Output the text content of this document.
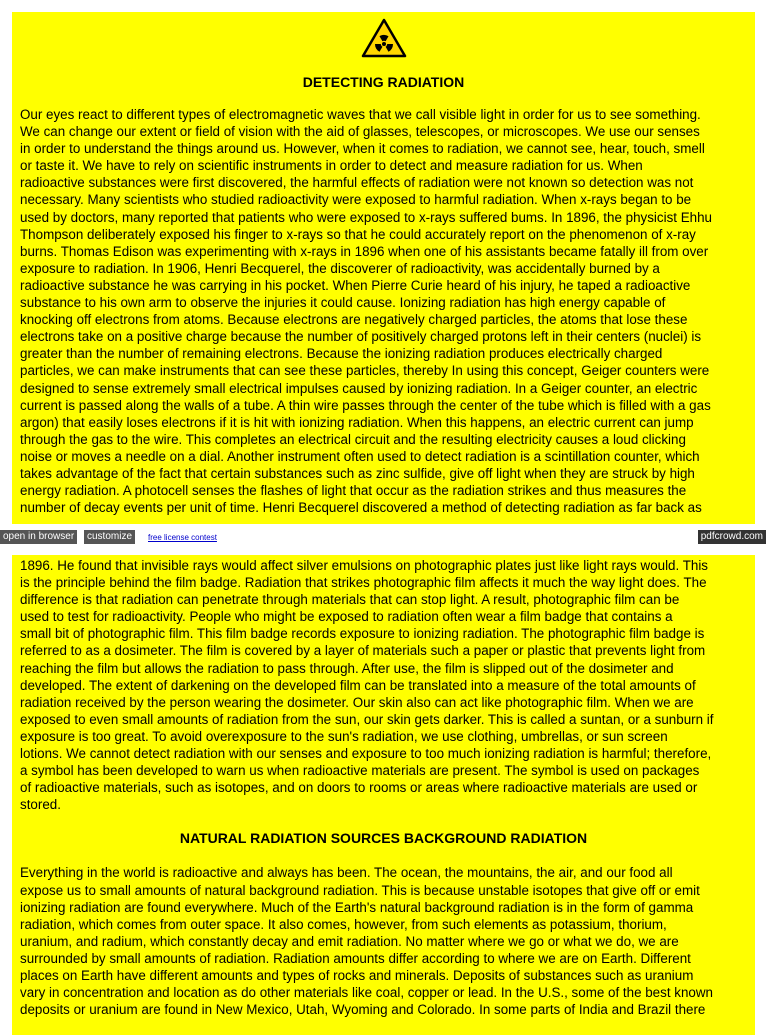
DETECTING RADIATION

Our eyes react to different types of electromagnetic waves that we call visible light in order for us to see something.
We can change our extent or field of vision with the aid of glasses, telescopes, or microscopes. We use our senses
in order to understand the things around us. However, when it comes to radiation, we cannot see, hear, touch, smell
or taste it. We have to rely on scientific instruments in order to detect and measure radiation for us. When
radioactive substances were first discovered, the harmful effects of radiation were not known so detection was not
necessary. Many scientists who studied radioactivity were exposed to harmful radiation. When x-rays began to be
used by doctors, many reported that patients who were exposed to x-rays suffered bums. In 1896, the physicist Ehhu
Thompson deliberately exposed his finger to x-rays so that he could accurately report on the phenomenon of x-ray
burns. Thomas Edison was experimenting with x-rays in 1896 when one of his assistants became fatally ill from over
exposure to radiation. In 1906, Henri Becquerel, the discoverer of radioactivity, was accidentally burned by a
radioactive substance he was carrying in his pocket. When Pierre Curie heard of his injury, he taped a radioactive
substance to his own arm to observe the injuries it could cause. Ionizing radiation has high energy capable of
knocking off electrons from atoms. Because electrons are negatively charged particles, the atoms that lose these
electrons take on a positive charge because the number of positively charged protons left in their centers (nuclei) is
greater than the number of remaining electrons. Because the ionizing radiation produces electrically charged
particles, we can make instruments that can see these particles, thereby In using this concept, Geiger counters were
designed to sense extremely small electrical impulses caused by ionizing radiation. In a Geiger counter, an electric
current is passed along the walls of a tube. A thin wire passes through the center of the tube which is filled with a gas
argon) that easily loses electrons if it is hit with ionizing radiation. When this happens, an electric current can jump
through the gas to the wire. This completes an electrical circuit and the resulting electricity causes a loud clicking
noise or moves a needle on a dial. Another instrument often used to detect radiation is a scintillation counter, which
takes advantage of the fact that certain substances such as zinc sulfide, give off light when they are struck by high
energy radiation. A photocell senses the flashes of light that occur as the radiation strikes and thus measures the
number of decay events per unit of time. Henri Becquerel discovered a method of detecting radiation as far back as

open in browser	customize	free license contest	pdfcrowd.com

1896. He found that invisible rays would affect silver emulsions on photographic plates just like light rays would. This
is the principle behind the film badge. Radiation that strikes photographic film affects it much the way light does. The
difference is that radiation can penetrate through materials that can stop light. A result, photographic film can be
used to test for radioactivity. People who might be exposed to radiation often wear a film badge that contains a
small bit of photographic film. This film badge records exposure to ionizing radiation. The photographic film badge is
referred to as a dosimeter. The film is covered by a layer of materials such a paper or plastic that prevents light from
reaching the film but allows the radiation to pass through. After use, the film is slipped out of the dosimeter and
developed. The extent of darkening on the developed film can be translated into a measure of the total amounts of
radiation received by the person wearing the dosimeter. Our skin also can act like photographic film. When we are
exposed to even small amounts of radiation from the sun, our skin gets darker. This is called a suntan, or a sunburn if
exposure is too great. To avoid overexposure to the sun's radiation, we use clothing, umbrellas, or sun screen
lotions. We cannot detect radiation with our senses and exposure to too much ionizing radiation is harmful; therefore,
a symbol has been developed to warn us when radioactive materials are present. The symbol is used on packages
of radioactive materials, such as isotopes, and on doors to rooms or areas where radioactive materials are used or
stored.

NATURAL RADIATION SOURCES BACKGROUND RADIATION

Everything in the world is radioactive and always has been. The ocean, the mountains, the air, and our food all
expose us to small amounts of natural background radiation. This is because unstable isotopes that give off or emit
ionizing radiation are found everywhere. Much of the Earth's natural background radiation is in the form of gamma
radiation, which comes from outer space. It also comes, however, from such elements as potassium, thorium,
uranium, and radium, which constantly decay and emit radiation. No matter where we go or what we do, we are
surrounded by small amounts of radiation. Radiation amounts differ according to where we are on Earth. Different
places on Earth have different amounts and types of rocks and minerals. Deposits of substances such as uranium
vary in concentration and location as do other materials like coal, copper or lead. In the U.S., some of the best known
deposits or uranium are found in New Mexico, Utah, Wyoming and Colorado. In some parts of India and Brazil there
